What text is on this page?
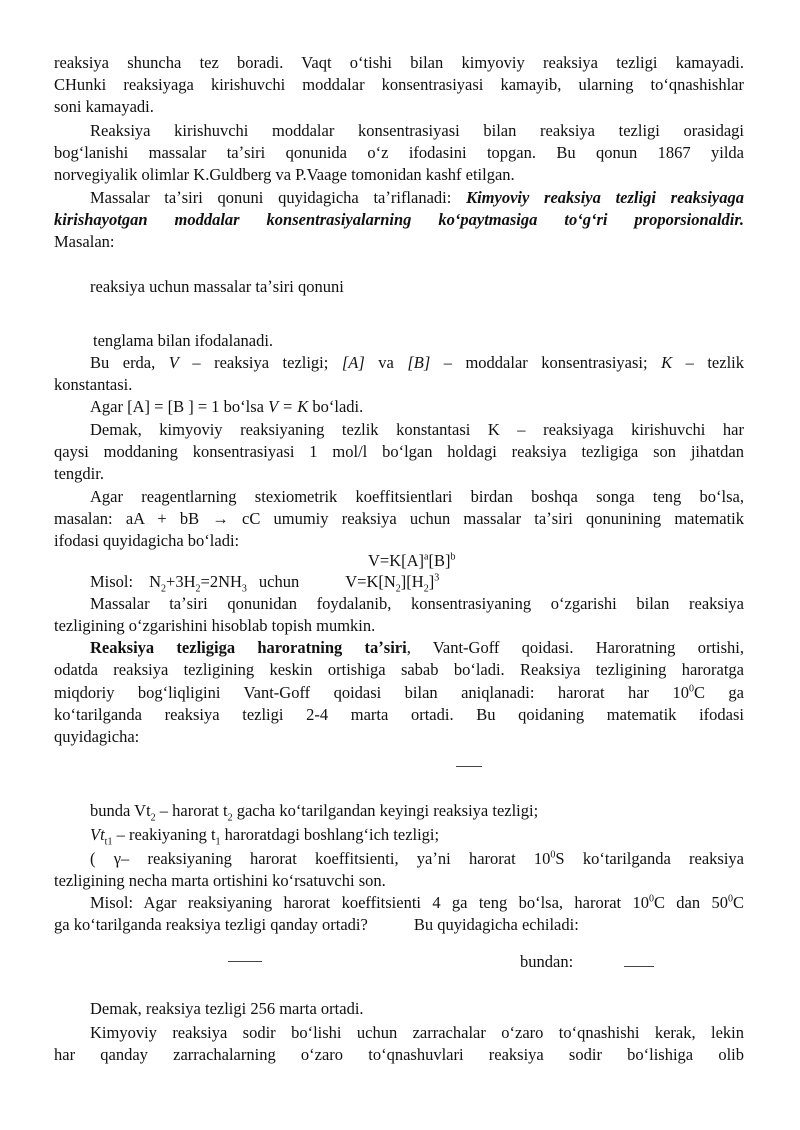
reaksiya shuncha tez boradi. Vaqt oʻtishi bilan kimyoviy reaksiya tezligi kamayadi.
CHunki reaksiyaga kirishuvchi moddalar konsentrasiyasi kamayib, ularning toʻqnashishlar
soni kamayadi.
Reaksiya kirishuvchi moddalar konsentrasiyasi bilan reaksiya tezligi orasidagi
bogʻlanishi massalar taʼsiri qonunida oʻz ifodasini topgan. Bu qonun 1867 yilda
norvegiyalik olimlar K.Guldberg va P.Vaage tomonidan kashf etilgan.
Massalar taʼsiri qonuni quyidagicha taʼriflanadi: Kimyoviy reaksiya tezligi reaksiyaga
kirishayotgan moddalar konsentrasiyalarning koʻpaytmasiga toʻgʻri proporsionaldir.
Masalan:
reaksiya uchun massalar taʼsiri qonuni
tenglama bilan ifodalanadi.
Bu erda, V – reaksiya tezligi; [A] va [B] – moddalar konsentrasiyasi; K – tezlik
konstantasi.
Agar [A] = [B ] = 1 boʻlsa V = K boʻladi.
Demak, kimyoviy reaksiyaning tezlik konstantasi K – reaksiyaga kirishuvchi har
qaysi moddaning konsentrasiyasi 1 mol/l boʻlgan holdagi reaksiya tezligiga son jihatdan
tengdir.
Agar reagentlarning stexiometrik koeffitsientlari birdan boshqa songa teng boʻlsa,
masalan: aA + bB → cC umumiy reaksiya uchun massalar taʼsiri qonunining matematik
ifodasi quyidagicha boʻladi:
$V=K[A]^a[B]^b$
Misol: $N_2+3H_2=2NH_3$ uchun	$V=K[N_2][H_2]^3$
Massalar taʼsiri qonunidan foydalanib, konsentrasiyaning oʻzgarishi bilan reaksiya
tezligining oʻzgarishini hisoblab topish mumkin.
Reaksiya tezligiga haroratning taʼsiri, Vant-Goff qoidasi. Haroratning ortishi,
odatda reaksiya tezligining keskin ortishiga sabab boʻladi. Reaksiya tezligining haroratga
miqdoriy bogʻliqligini Vant-Goff qoidasi bilan aniqlanadi: harorat har $10^0C$ ga
koʻtarilganda reaksiya tezligi 2-4 marta ortadi. Bu qoidaning matematik ifodasi
quyidagicha:
bunda $Vt_2$ – harorat $t_2$ gacha koʻtarilgandan keyingi reaksiya tezligi;
$Vt_{t1}$ – reakiyaning $t_1$ haroratdagi boshlangʻich tezligi;
( γ– reaksiyaning harorat koeffitsienti, yaʼni harorat $10^0S$ koʻtarilganda reaksiya
tezligining necha marta ortishini koʻrsatuvchi son.
Misol: Agar reaksiyaning harorat koeffitsienti 4 ga teng boʻlsa, harorat $10^0C$ dan $50^0C$
ga koʻtarilganda reaksiya tezligi qanday ortadi?	Bu quyidagicha echiladi:
bundan:
Demak, reaksiya tezligi 256 marta ortadi.
Kimyoviy reaksiya sodir boʻlishi uchun zarrachalar oʻzaro toʻqnashishi kerak, lekin
har qanday zarrachalarning oʻzaro toʻqnashuvlari reaksiya sodir boʻlishiga olib
